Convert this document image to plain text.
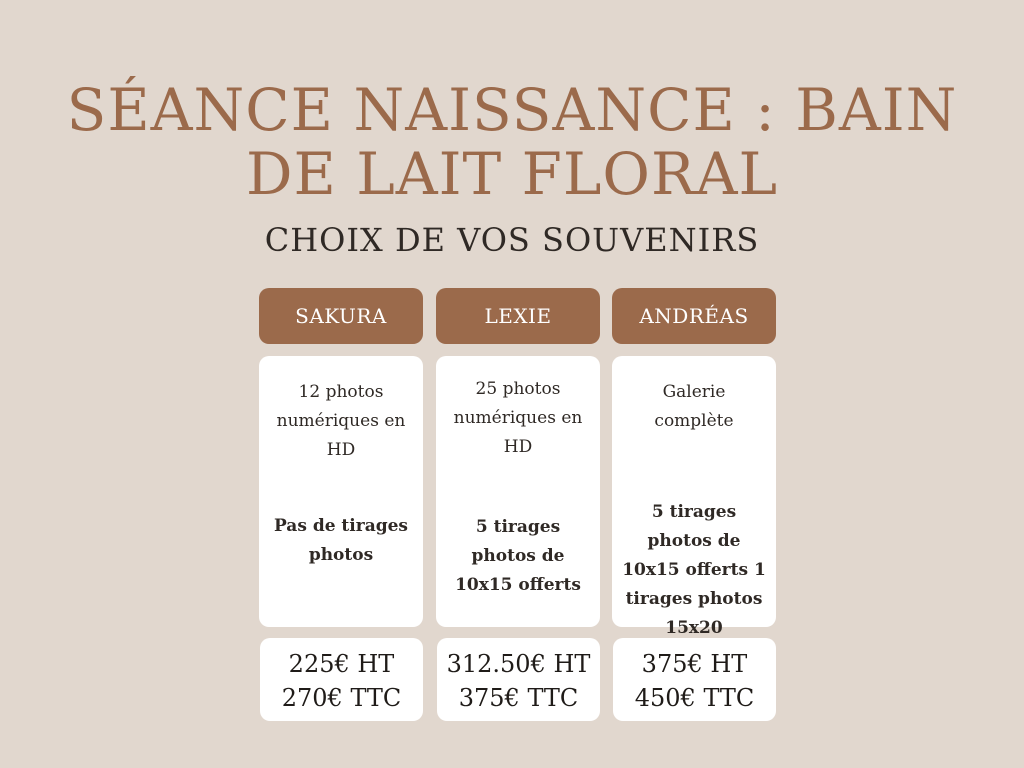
SÉANCE NAISSANCE : BAIN DE LAIT FLORAL
CHOIX DE VOS SOUVENIRS
SAKURA
12 photos numériques en HD
Pas de tirages photos
225€ HT
270€ TTC
LEXIE
25 photos numériques en HD
5 tirages photos de 10x15 offerts
312.50€ HT
375€ TTC
ANDRÉAS
Galerie complète
5 tirages photos de 10x15 offerts 1 tirages photos 15x20
375€ HT
450€ TTC
